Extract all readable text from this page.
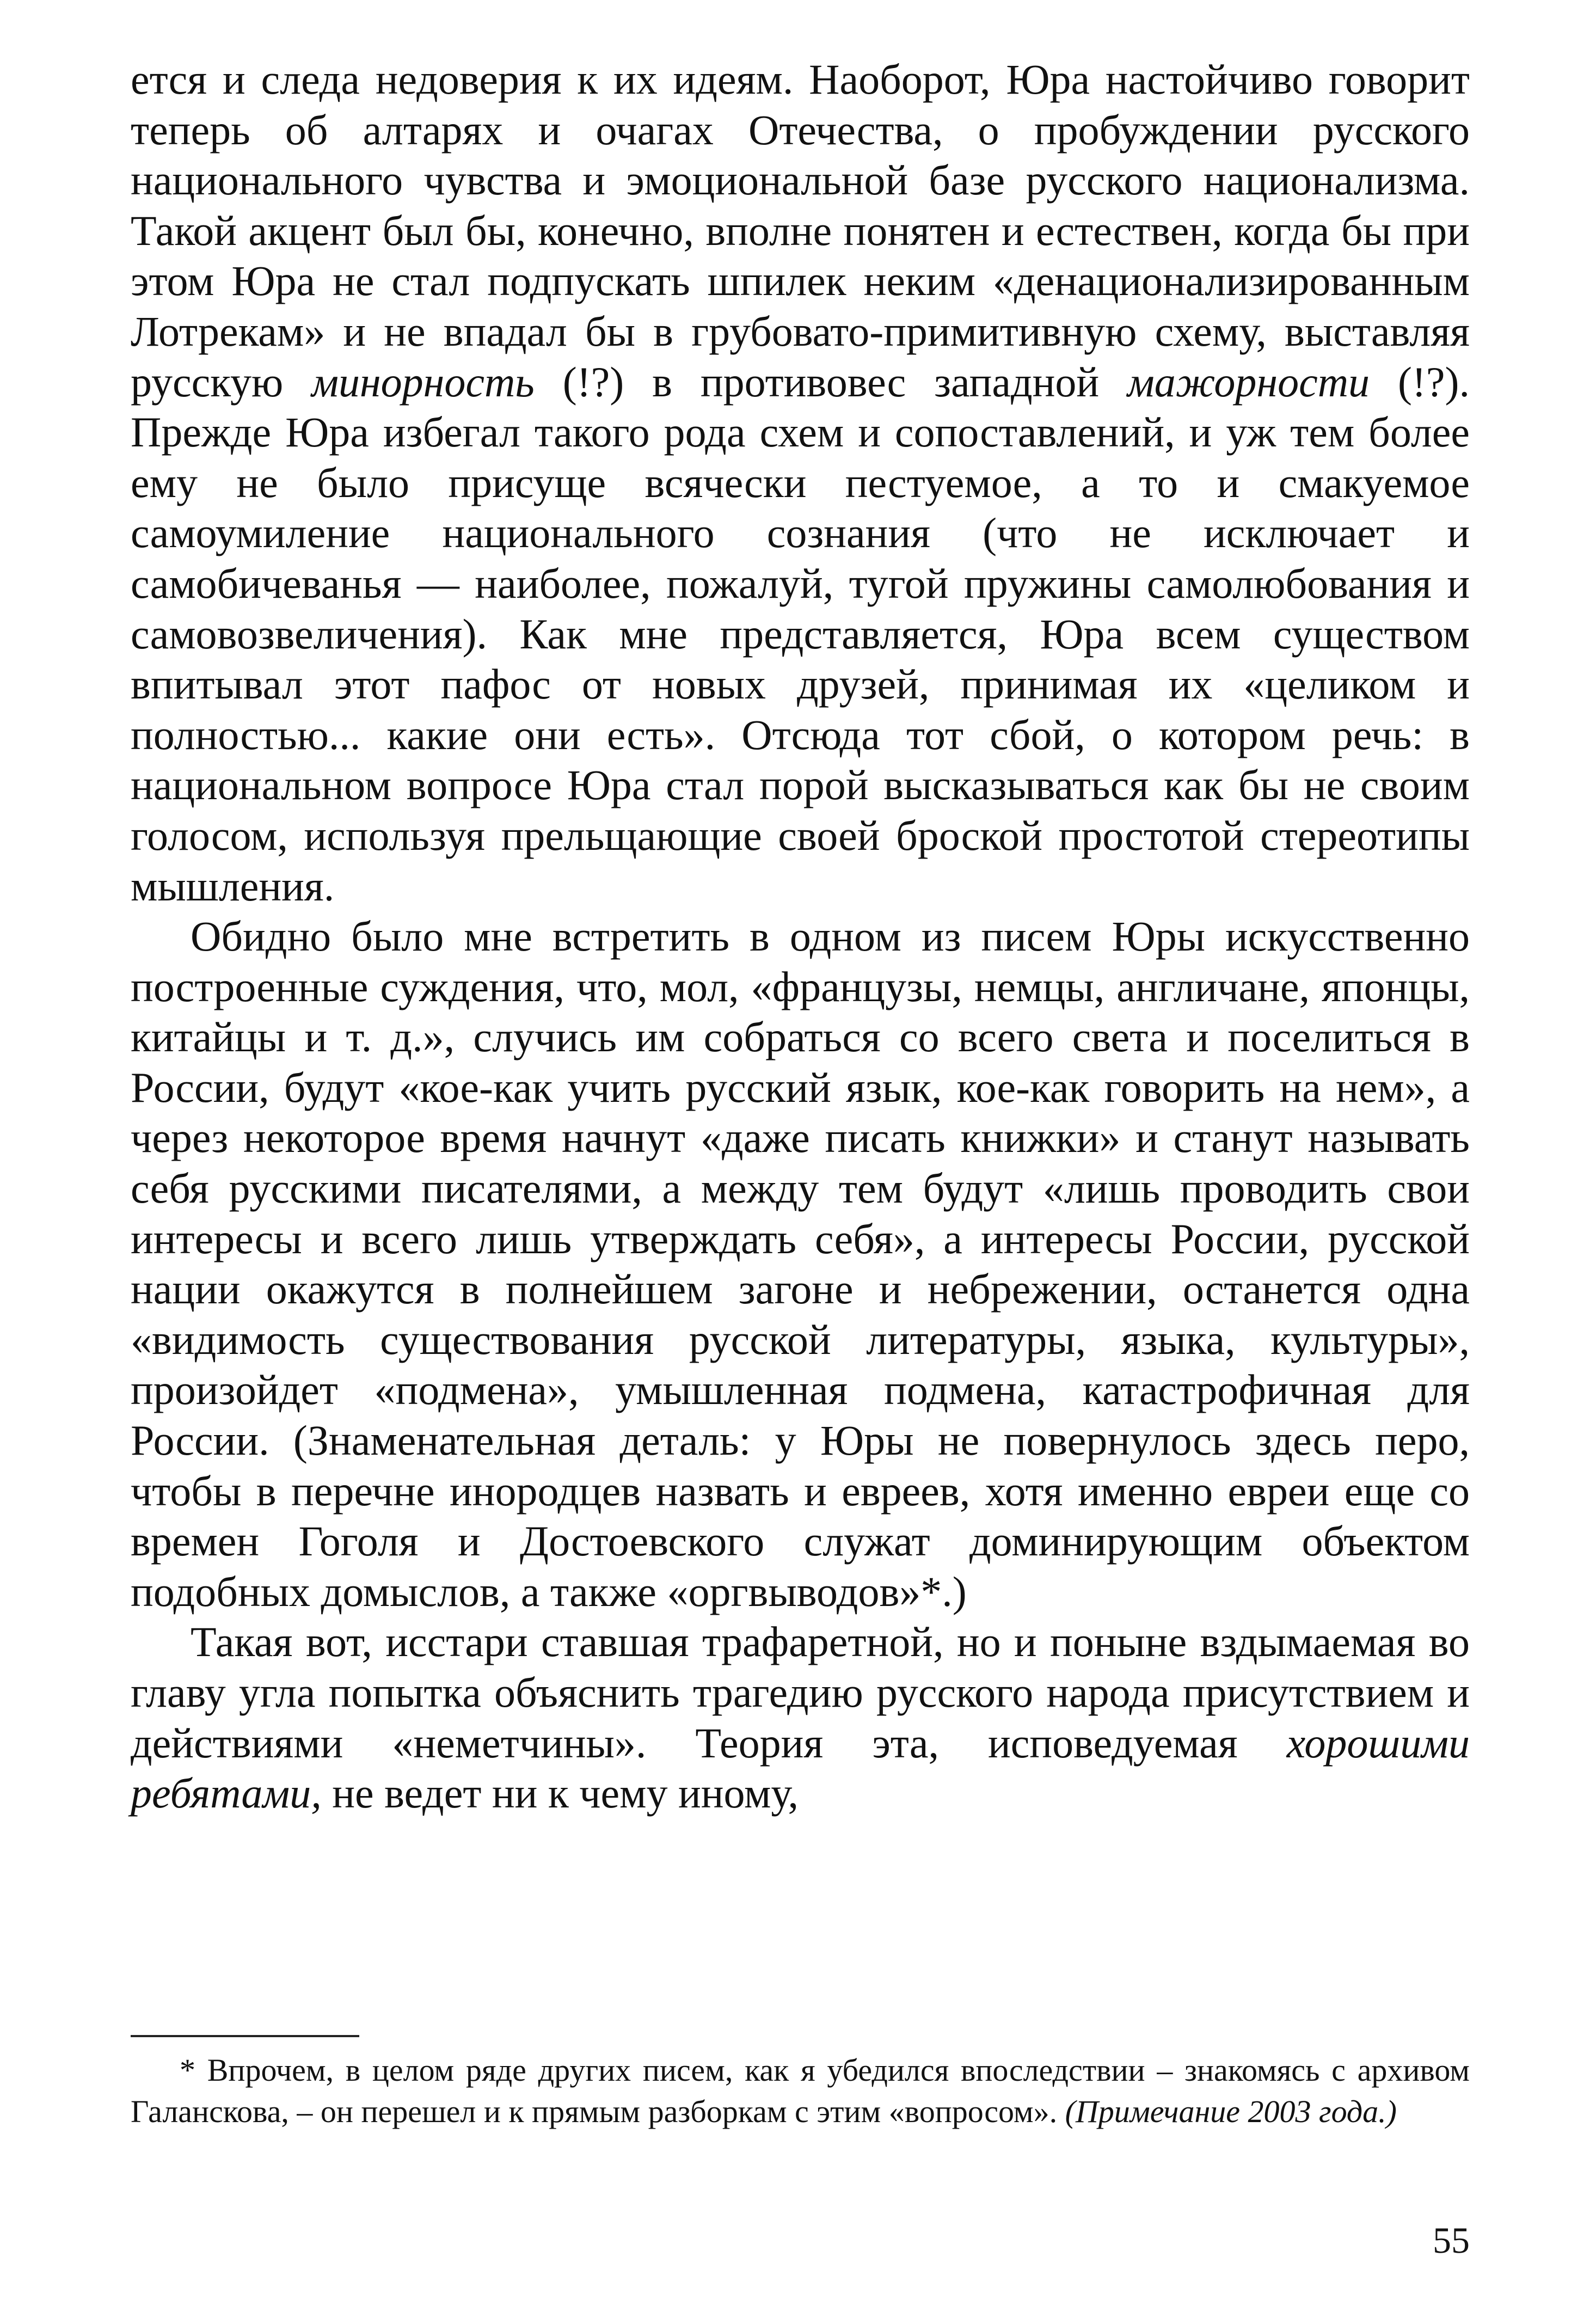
ется и следа недоверия к их идеям. Наоборот, Юра настойчиво говорит теперь об алтарях и очагах Отечества, о пробуждении русского национального чувства и эмоциональной базе русского национализма. Такой акцент был бы, конечно, вполне понятен и естествен, когда бы при этом Юра не стал подпускать шпилек неким «денационализированным Лотрекам» и не впадал бы в грубовато-примитивную схему, выставляя русскую минорность (!?) в противовес западной мажорности (!?). Прежде Юра избегал такого рода схем и сопоставлений, и уж тем более ему не было присуще всячески пестуемое, а то и смакуемое самоумиление национального сознания (что не исключает и самобичеванья — наиболее, пожалуй, тугой пружины самолюбования и самовозвеличения). Как мне представляется, Юра всем существом впитывал этот пафос от новых друзей, принимая их «целиком и полностью... какие они есть». Отсюда тот сбой, о котором речь: в национальном вопросе Юра стал порой высказываться как бы не своим голосом, используя прельщающие своей броской простотой стереотипы мышления.

Обидно было мне встретить в одном из писем Юры искусственно построенные суждения, что, мол, «французы, немцы, англичане, японцы, китайцы и т. д.», случись им собраться со всего света и поселиться в России, будут «кое-как учить русский язык, кое-как говорить на нем», а через некоторое время начнут «даже писать книжки» и станут называть себя русскими писателями, а между тем будут «лишь проводить свои интересы и всего лишь утверждать себя», а интересы России, русской нации окажутся в полнейшем загоне и небрежении, останется одна «видимость существования русской литературы, языка, культуры», произойдет «подмена», умышленная подмена, катастрофичная для России. (Знаменательная деталь: у Юры не повернулось здесь перо, чтобы в перечне инородцев назвать и евреев, хотя именно евреи еще со времен Гоголя и Достоевского служат доминирующим объектом подобных домыслов, а также «оргвыводов»*.)

Такая вот, исстари ставшая трафаретной, но и поныне вздымаемая во главу угла попытка объяснить трагедию русского народа присутствием и действиями «неметчины». Теория эта, исповедуемая хорошими ребятами, не ведет ни к чему иному,

* Впрочем, в целом ряде других писем, как я убедился впоследствии – знакомясь с архивом Галанскова, – он перешел и к прямым разборкам с этим «вопросом». (Примечание 2003 года.)

55
